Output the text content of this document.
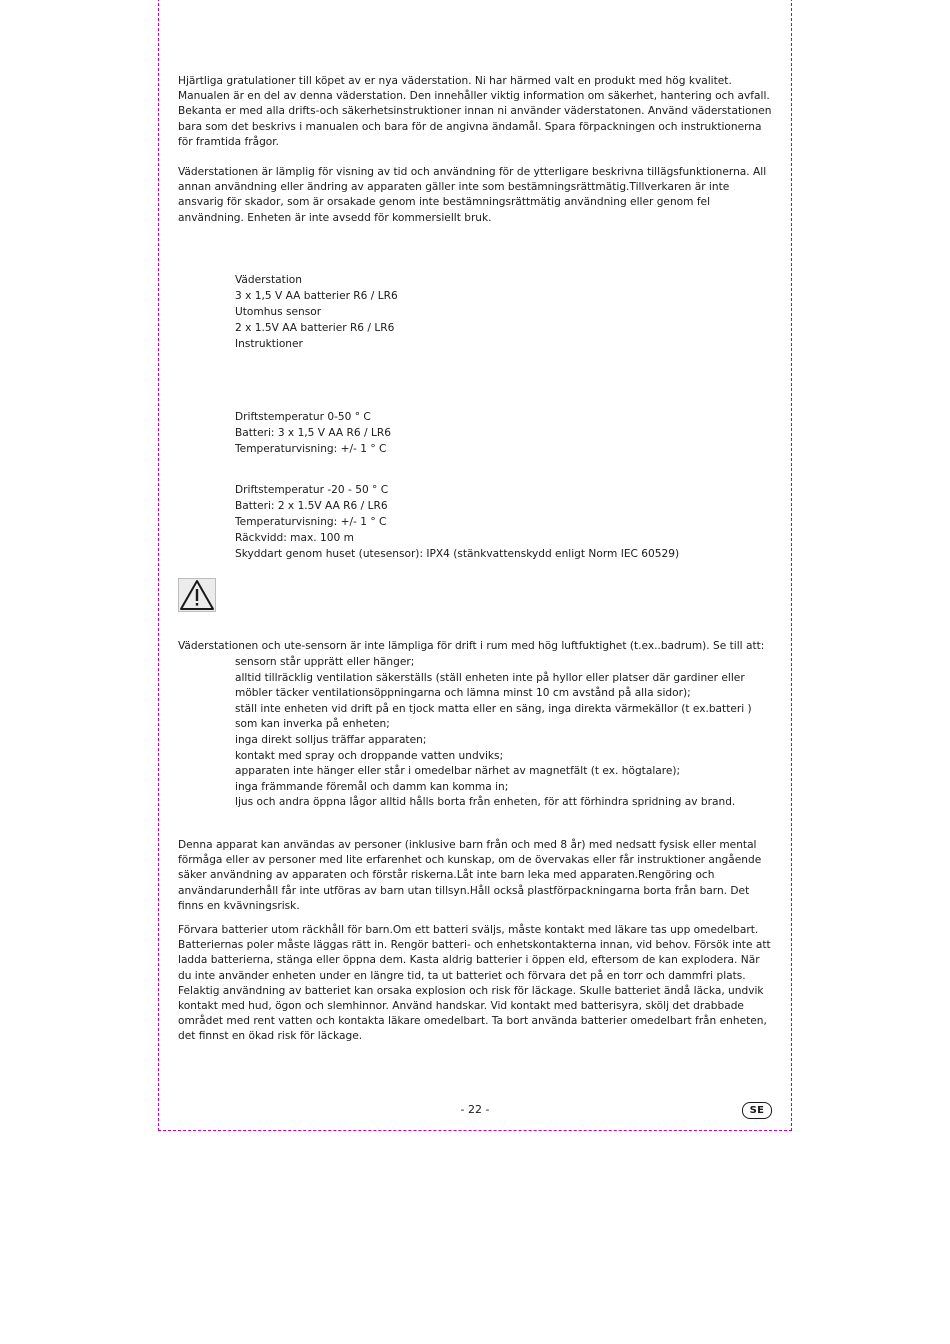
Hjärtliga gratulationer till köpet av er nya väderstation. Ni har härmed valt en produkt med hög kvalitet. Manualen är en del av denna väderstation. Den innehåller viktig information om säkerhet, hantering och avfall. Bekanta er med alla drifts-och säkerhetsinstruktioner innan ni använder väderstatonen. Använd väderstationen bara som det beskrivs i manualen och bara för de angivna ändamål. Spara förpackningen och instruktionerna för framtida frågor.

Väderstationen är lämplig för visning av tid och användning för de ytterligare beskrivna tillägsfunktionerna. All annan användning eller ändring av apparaten gäller inte som bestämningsrättmätig.Tillverkaren är inte ansvarig för skador, som är orsakade genom inte bestämningsrättmätig användning eller genom fel användning. Enheten är inte avsedd för kommersiellt bruk.

Väderstation
3 x 1,5 V AA batterier R6 / LR6
Utomhus sensor
2 x 1.5V AA batterier R6 / LR6
Instruktioner
Driftstemperatur 0-50 ° C
Batteri: 3 x 1,5 V AA R6 / LR6
Temperaturvisning: +/- 1 ° C
Driftstemperatur -20 - 50 ° C
Batteri: 2 x 1.5V AA R6 / LR6
Temperaturvisning: +/- 1 ° C
Räckvidd: max. 100 m
Skyddart genom huset (utesensor): IPX4 (stänkvattenskydd enligt Norm IEC 60529)

Väderstationen och ute-sensorn är inte lämpliga för drift i rum med hög luftfuktighet (t.ex..badrum). Se till att:

sensorn står upprätt eller hänger;
alltid tillräcklig ventilation säkerställs (ställ enheten inte på hyllor eller platser där gardiner eller möbler täcker ventilationsöppningarna och lämna minst 10 cm avstånd på alla sidor);
ställ inte enheten vid drift på en tjock matta eller en säng, inga direkta värmekällor (t ex.batteri ) som kan inverka på enheten;
inga direkt solljus träffar apparaten;
kontakt med spray och droppande vatten undviks;
apparaten inte hänger eller står i omedelbar närhet av magnetfält (t ex. högtalare);
inga främmande föremål och damm kan komma in;
ljus och andra öppna lågor alltid hålls borta från enheten, för att förhindra spridning av brand.

Denna apparat kan användas av personer (inklusive barn från och med 8 år) med nedsatt fysisk eller mental förmåga eller av personer med lite erfarenhet och kunskap, om de övervakas eller får instruktioner angående säker användning av apparaten och förstår riskerna.Låt inte barn leka med apparaten.Rengöring och användarunderhåll får inte utföras av barn utan tillsyn.Håll också plastförpackningarna borta från barn. Det finns en kvävningsrisk.

Förvara batterier utom räckhåll för barn.Om ett batteri sväljs, måste kontakt med läkare tas upp omedelbart. Batteriernas poler måste läggas rätt in. Rengör batteri- och enhetskontakterna innan, vid behov. Försök inte att ladda batterierna, stänga eller öppna dem. Kasta aldrig batterier i öppen eld, eftersom de kan explodera. När du inte använder enheten under en längre tid, ta ut batteriet och förvara det på en torr och dammfri plats. Felaktig användning av batteriet kan orsaka explosion och risk för läckage. Skulle batteriet ändå läcka, undvik kontakt med hud, ögon och slemhinnor. Använd handskar. Vid kontakt med batterisyra, skölj det drabbade området med rent vatten och kontakta läkare omedelbart. Ta bort använda batterier omedelbart från enheten, det finnst en ökad risk för läckage.

- 22 -	SE
